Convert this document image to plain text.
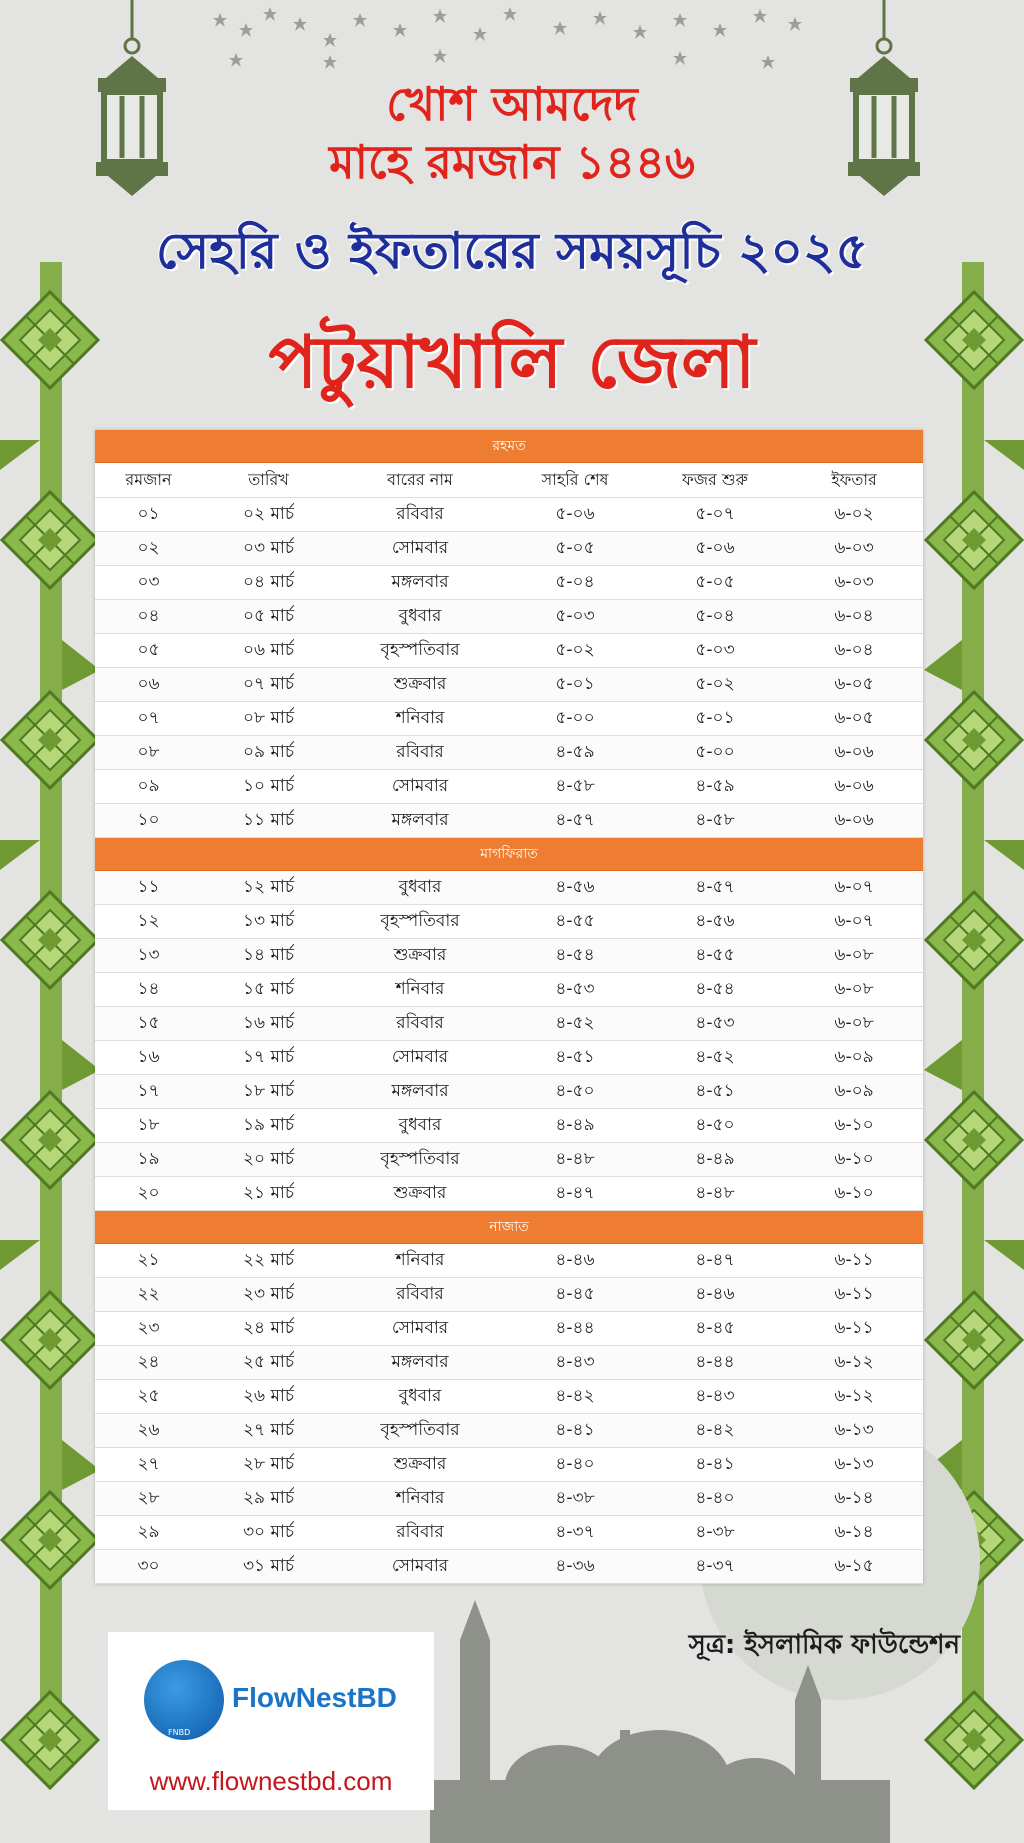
খোশ আমদেদ
মাহে রমজান ১৪৪৬
সেহরি ও ইফতারের সময়সূচি ২০২৫
পটুয়াখালি জেলা
রহমত					
রমজান	তারিখ	বারের নাম	সাহরি শেষ	ফজর শুরু	ইফতার
০১	০২ মার্চ	রবিবার	৫-০৬	৫-০৭	৬-০২
০২	০৩ মার্চ	সোমবার	৫-০৫	৫-০৬	৬-০৩
০৩	০৪ মার্চ	মঙ্গলবার	৫-০৪	৫-০৫	৬-০৩
০৪	০৫ মার্চ	বুধবার	৫-০৩	৫-০৪	৬-০৪
০৫	০৬ মার্চ	বৃহস্পতিবার	৫-০২	৫-০৩	৬-০৪
০৬	০৭ মার্চ	শুক্রবার	৫-০১	৫-০২	৬-০৫
০৭	০৮ মার্চ	শনিবার	৫-০০	৫-০১	৬-০৫
০৮	০৯ মার্চ	রবিবার	৪-৫৯	৫-০০	৬-০৬
০৯	১০ মার্চ	সোমবার	৪-৫৮	৪-৫৯	৬-০৬
১০	১১ মার্চ	মঙ্গলবার	৪-৫৭	৪-৫৮	৬-০৬
মাগফিরাত					
১১	১২ মার্চ	বুধবার	৪-৫৬	৪-৫৭	৬-০৭
১২	১৩ মার্চ	বৃহস্পতিবার	৪-৫৫	৪-৫৬	৬-০৭
১৩	১৪ মার্চ	শুক্রবার	৪-৫৪	৪-৫৫	৬-০৮
১৪	১৫ মার্চ	শনিবার	৪-৫৩	৪-৫৪	৬-০৮
১৫	১৬ মার্চ	রবিবার	৪-৫২	৪-৫৩	৬-০৮
১৬	১৭ মার্চ	সোমবার	৪-৫১	৪-৫২	৬-০৯
১৭	১৮ মার্চ	মঙ্গলবার	৪-৫০	৪-৫১	৬-০৯
১৮	১৯ মার্চ	বুধবার	৪-৪৯	৪-৫০	৬-১০
১৯	২০ মার্চ	বৃহস্পতিবার	৪-৪৮	৪-৪৯	৬-১০
২০	২১ মার্চ	শুক্রবার	৪-৪৭	৪-৪৮	৬-১০
নাজাত					
২১	২২ মার্চ	শনিবার	৪-৪৬	৪-৪৭	৬-১১
২২	২৩ মার্চ	রবিবার	৪-৪৫	৪-৪৬	৬-১১
২৩	২৪ মার্চ	সোমবার	৪-৪৪	৪-৪৫	৬-১১
২৪	২৫ মার্চ	মঙ্গলবার	৪-৪৩	৪-৪৪	৬-১২
২৫	২৬ মার্চ	বুধবার	৪-৪২	৪-৪৩	৬-১২
২৬	২৭ মার্চ	বৃহস্পতিবার	৪-৪১	৪-৪২	৬-১৩
২৭	২৮ মার্চ	শুক্রবার	৪-৪০	৪-৪১	৬-১৩
২৮	২৯ মার্চ	শনিবার	৪-৩৮	৪-৪০	৬-১৪
২৯	৩০ মার্চ	রবিবার	৪-৩৭	৪-৩৮	৬-১৪
৩০	৩১ মার্চ	সোমবার	৪-৩৬	৪-৩৭	৬-১৫

সূত্র: ইসলামিক ফাউন্ডেশন

FNBD
FlowNestBD
www.flownestbd.com
